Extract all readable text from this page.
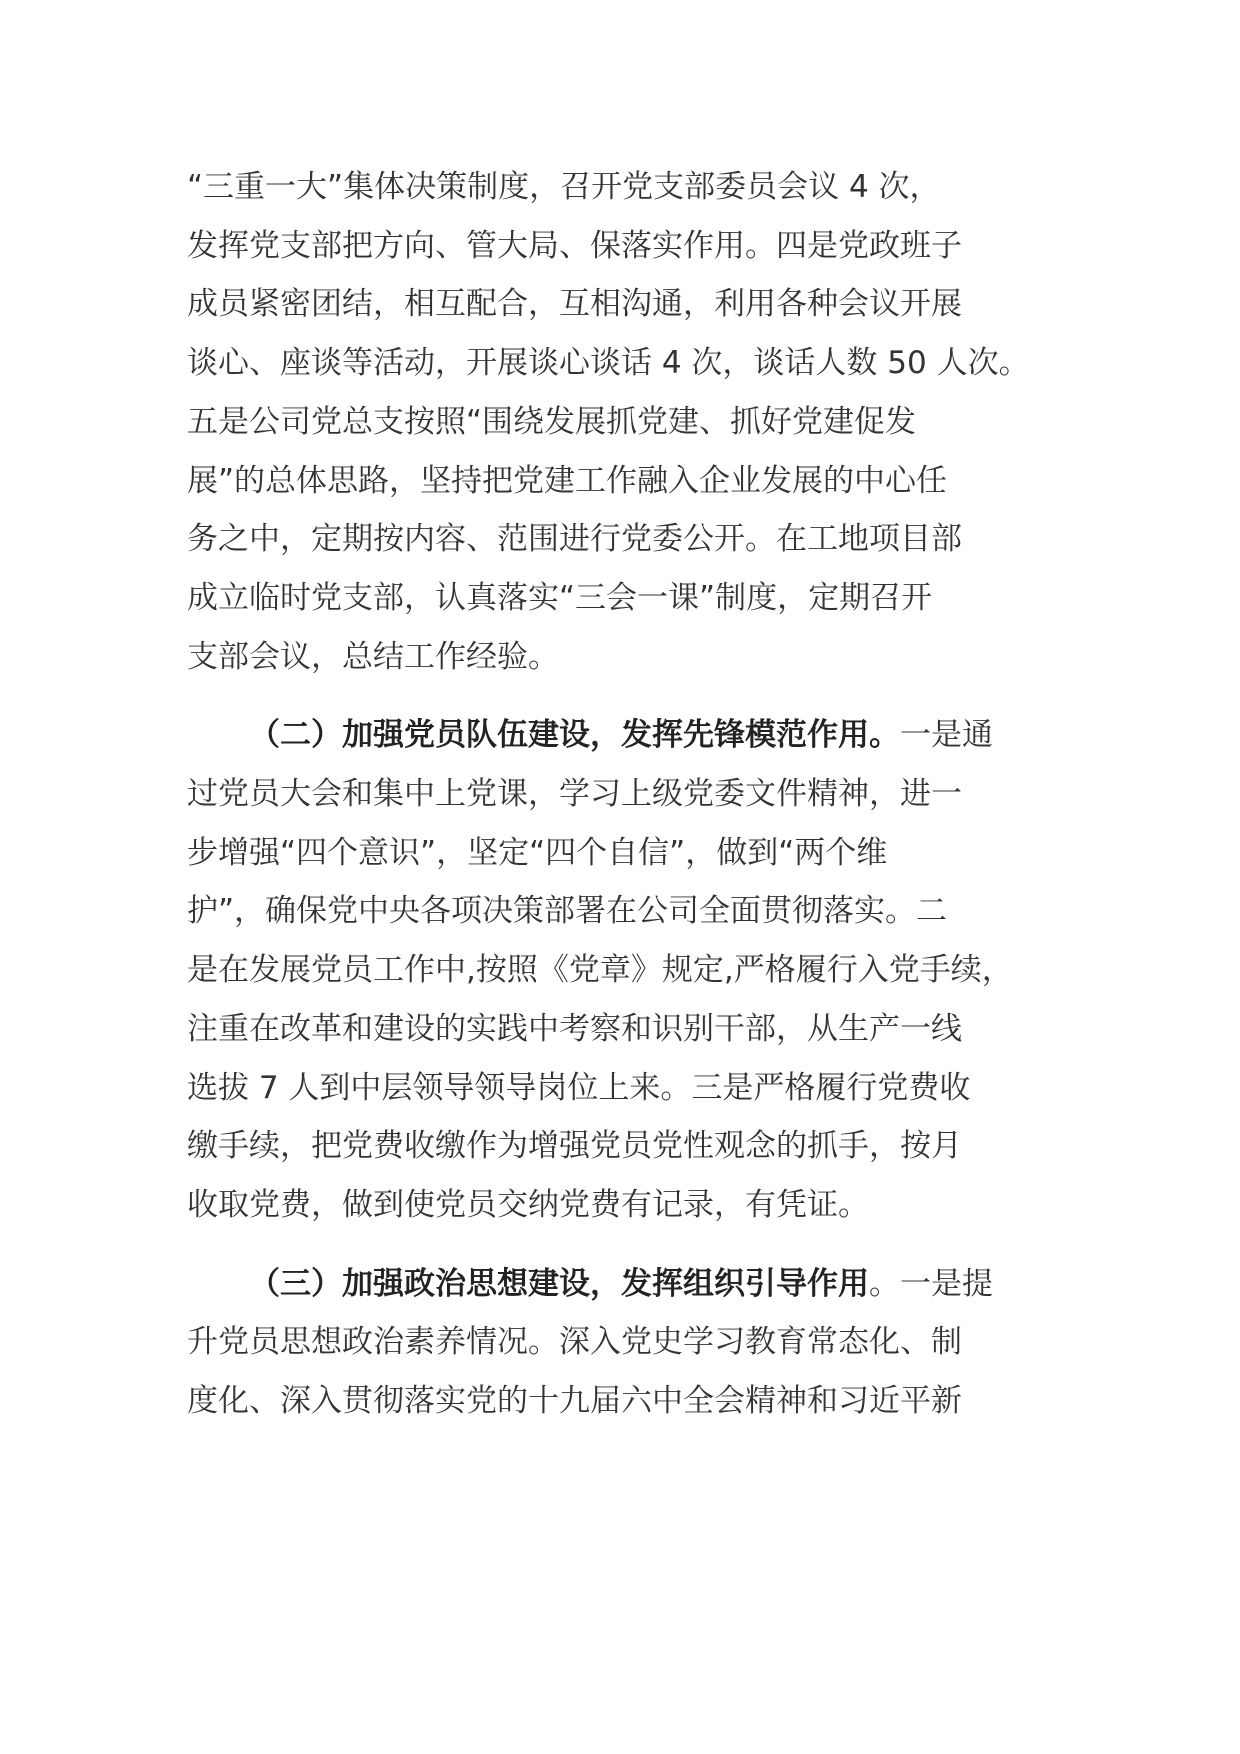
“三重一大”集体决策制度，召开党支部委员会议 4 次，
发挥党支部把方向、管大局、保落实作用。四是党政班子
成员紧密团结，相互配合，互相沟通，利用各种会议开展
谈心、座谈等活动，开展谈心谈话 4 次，谈话人数 50 人次。
五是公司党总支按照“围绕发展抓党建、抓好党建促发
展”的总体思路，坚持把党建工作融入企业发展的中心任
务之中，定期按内容、范围进行党委公开。在工地项目部
成立临时党支部，认真落实“三会一课”制度，定期召开
支部会议，总结工作经验。
（二）加强党员队伍建设，发挥先锋模范作用。一是通
过党员大会和集中上党课，学习上级党委文件精神，进一
步增强“四个意识”，坚定“四个自信”，做到“两个维
护”，确保党中央各项决策部署在公司全面贯彻落实。二
是在发展党员工作中,按照《党章》规定,严格履行入党手续，
注重在改革和建设的实践中考察和识别干部，从生产一线
选拔 7 人到中层领导领导岗位上来。三是严格履行党费收
缴手续，把党费收缴作为增强党员党性观念的抓手，按月
收取党费，做到使党员交纳党费有记录，有凭证。
（三）加强政治思想建设，发挥组织引导作用。一是提
升党员思想政治素养情况。深入党史学习教育常态化、制
度化、深入贯彻落实党的十九届六中全会精神和习近平新
